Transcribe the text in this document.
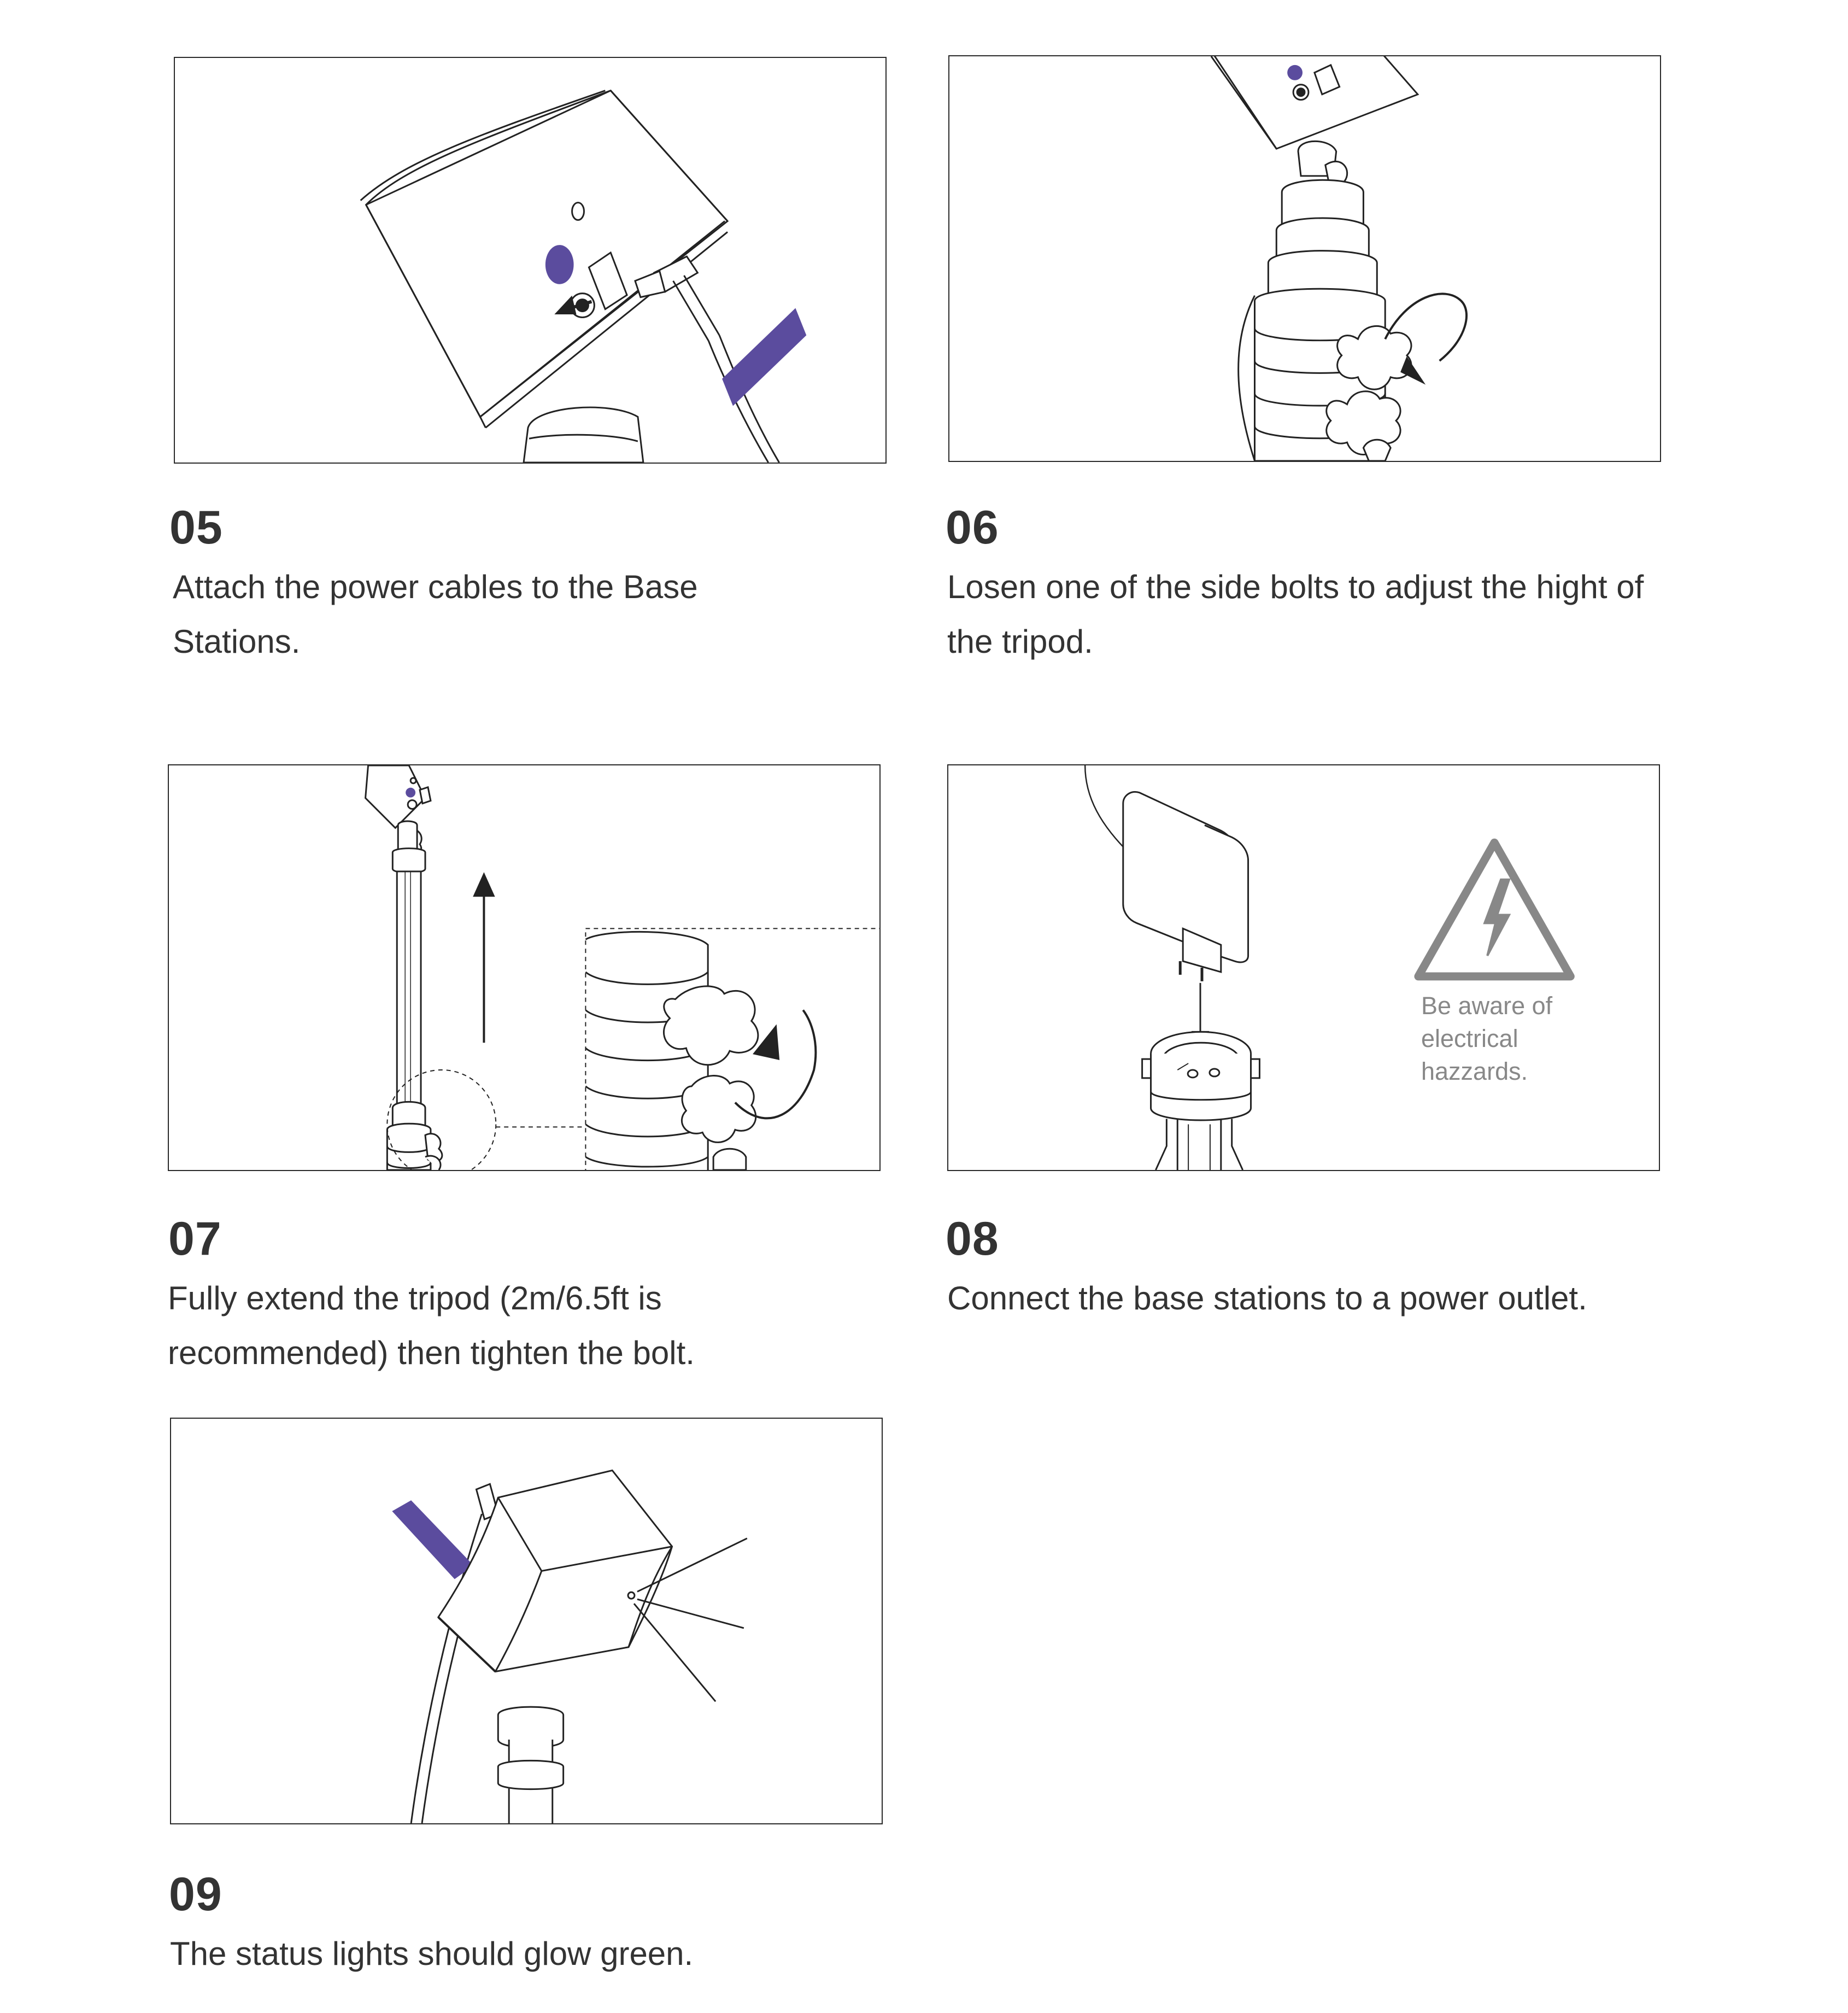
05

Attach the power cables to the Base Stations.

06

Losen one of the side bolts to adjust the hight of the tripod.

07

Fully extend the tripod (2m/6.5ft is recommended) then tighten the bolt.

Be aware of electrical hazzards.
08

Connect the base stations to a power outlet.

09

The status lights should glow green.
